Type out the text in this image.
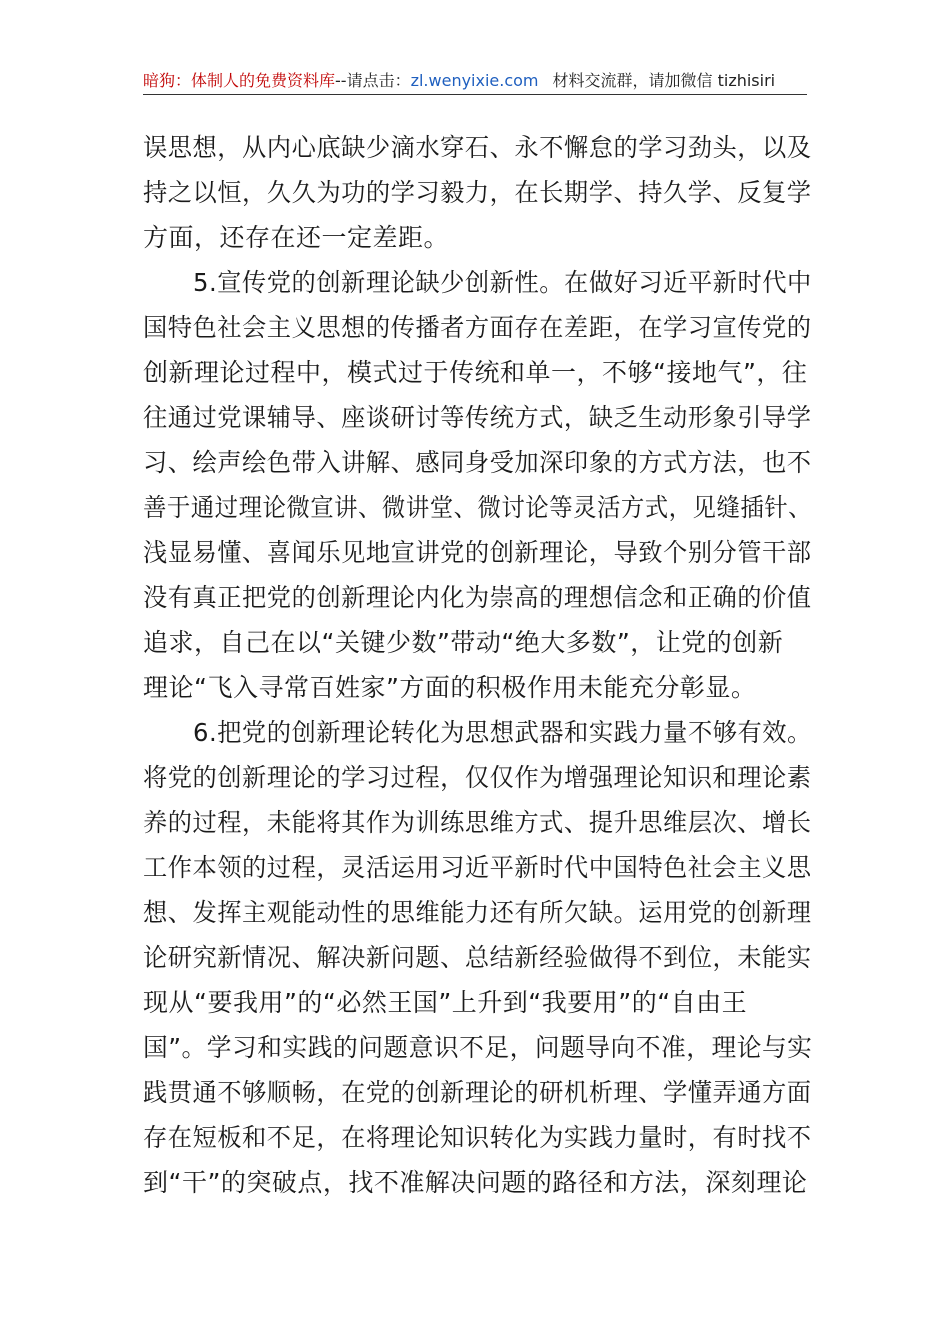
暗狗：体制人的免费资料库--请点击：zl.wenyixie.com 材料交流群，请加微信 tizhisiri
误思想，从内心底缺少滴水穿石、永不懈怠的学习劲头，以及
持之以恒，久久为功的学习毅力，在长期学、持久学、反复学
方面，还存在还一定差距。
5.宣传党的创新理论缺少创新性。在做好习近平新时代中
国特色社会主义思想的传播者方面存在差距，在学习宣传党的
创新理论过程中，模式过于传统和单一，不够“接地气”，往
往通过党课辅导、座谈研讨等传统方式，缺乏生动形象引导学
习、绘声绘色带入讲解、感同身受加深印象的方式方法，也不
善于通过理论微宣讲、微讲堂、微讨论等灵活方式，见缝插针、
浅显易懂、喜闻乐见地宣讲党的创新理论，导致个别分管干部
没有真正把党的创新理论内化为崇高的理想信念和正确的价值
追求，自己在以“关键少数”带动“绝大多数”，让党的创新
理论“飞入寻常百姓家”方面的积极作用未能充分彰显。
6.把党的创新理论转化为思想武器和实践力量不够有效。
将党的创新理论的学习过程，仅仅作为增强理论知识和理论素
养的过程，未能将其作为训练思维方式、提升思维层次、增长
工作本领的过程，灵活运用习近平新时代中国特色社会主义思
想、发挥主观能动性的思维能力还有所欠缺。运用党的创新理
论研究新情况、解决新问题、总结新经验做得不到位，未能实
现从“要我用”的“必然王国”上升到“我要用”的“自由王
国”。学习和实践的问题意识不足，问题导向不准，理论与实
践贯通不够顺畅，在党的创新理论的研机析理、学懂弄通方面
存在短板和不足，在将理论知识转化为实践力量时，有时找不
到“干”的突破点，找不准解决问题的路径和方法，深刻理论
